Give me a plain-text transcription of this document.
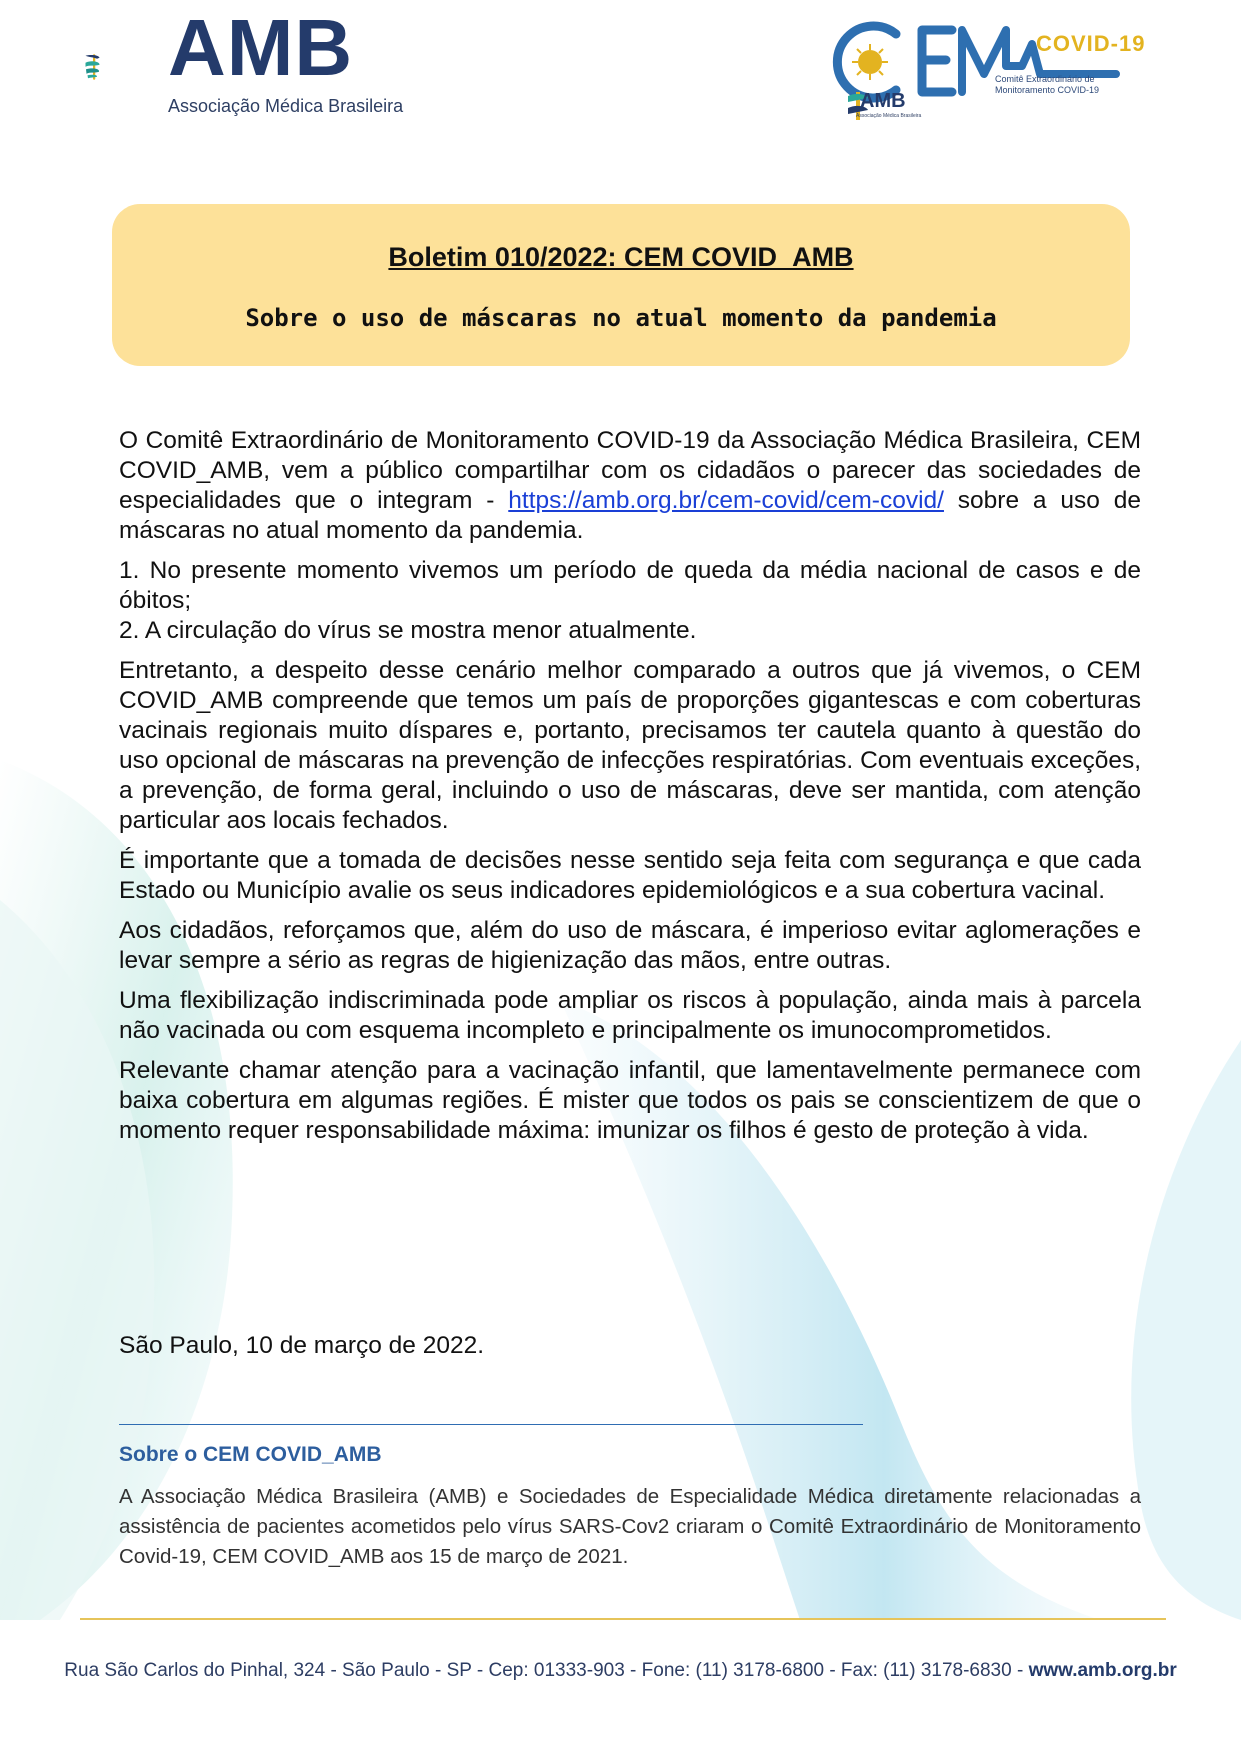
AMB
Associação Médica Brasileira
COVID-19
Comitê Extraordinário de
Monitoramento COVID-19
AMB
Associação Médica Brasileira
Boletim 010/2022: CEM COVID_AMB
Sobre o uso de máscaras no atual momento da pandemia

O Comitê Extraordinário de Monitoramento COVID-19 da Associação Médica Brasileira, CEM COVID_AMB, vem a público compartilhar com os cidadãos o parecer das sociedades de especialidades que o integram - https://amb.org.br/cem-covid/cem-covid/ sobre a uso de máscaras no atual momento da pandemia.

1. No presente momento vivemos um período de queda da média nacional de casos e de óbitos;

2. A circulação do vírus se mostra menor atualmente.

Entretanto, a despeito desse cenário melhor comparado a outros que já vivemos, o CEM COVID_AMB compreende que temos um país de proporções gigantescas e com coberturas vacinais regionais muito díspares e, portanto, precisamos ter cautela quanto à questão do uso opcional de máscaras na prevenção de infecções respiratórias. Com eventuais exceções, a prevenção, de forma geral, incluindo o uso de máscaras, deve ser mantida, com atenção particular aos locais fechados.

É importante que a tomada de decisões nesse sentido seja feita com segurança e que cada Estado ou Município avalie os seus indicadores epidemiológicos e a sua cobertura vacinal.

Aos cidadãos, reforçamos que, além do uso de máscara, é imperioso evitar aglomerações e levar sempre a sério as regras de higienização das mãos, entre outras.

Uma flexibilização indiscriminada pode ampliar os riscos à população, ainda mais à parcela não vacinada ou com esquema incompleto e principalmente os imunocomprometidos.

Relevante chamar atenção para a vacinação infantil, que lamentavelmente permanece com baixa cobertura em algumas regiões. É mister que todos os pais se conscientizem de que o momento requer responsabilidade máxima: imunizar os filhos é gesto de proteção à vida.

São Paulo, 10 de março de 2022.
Sobre o CEM COVID_AMB
A Associação Médica Brasileira (AMB) e Sociedades de Especialidade Médica diretamente relacionadas a assistência de pacientes acometidos pelo vírus SARS-Cov2 criaram o Comitê Extraordinário de Monitoramento Covid-19, CEM COVID_AMB aos 15 de março de 2021.
Rua São Carlos do Pinhal, 324 - São Paulo - SP - Cep: 01333-903 - Fone: (11) 3178-6800 - Fax: (11) 3178-6830 - www.amb.org.br
